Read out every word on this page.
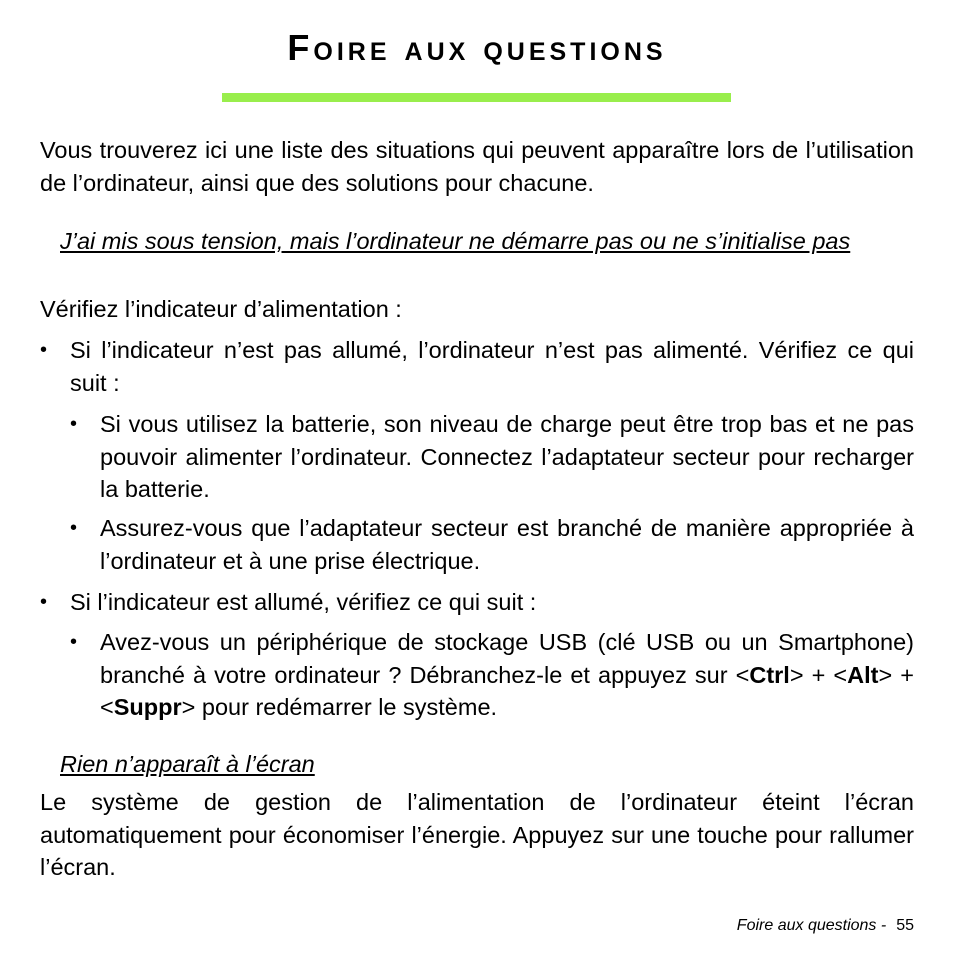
Foire aux questions

Vous trouverez ici une liste des situations qui peuvent apparaître lors de l’utilisation de l’ordinateur, ainsi que des solutions pour chacune.

J’ai mis sous tension, mais l’ordinateur ne démarre pas ou ne s’initialise pas

Vérifiez l’indicateur d’alimentation :

• Si l’indicateur n’est pas allumé, l’ordinateur n’est pas alimenté. Vérifiez ce qui suit :
• Si vous utilisez la batterie, son niveau de charge peut être trop bas et ne pas pouvoir alimenter l’ordinateur. Connectez l’adaptateur secteur pour recharger la batterie.
• Assurez-vous que l’adaptateur secteur est branché de manière appropriée à l’ordinateur et à une prise électrique.
• Si l’indicateur est allumé, vérifiez ce qui suit :
• Avez-vous un périphérique de stockage USB (clé USB ou un Smartphone) branché à votre ordinateur ? Débranchez-le et appuyez sur <Ctrl> + <Alt> + <Suppr> pour redémarrer le système.

Rien n’apparaît à l’écran

Le système de gestion de l’alimentation de l’ordinateur éteint l’écran automatiquement pour économiser l’énergie. Appuyez sur une touche pour rallumer l’écran.

Foire aux questions - 55
